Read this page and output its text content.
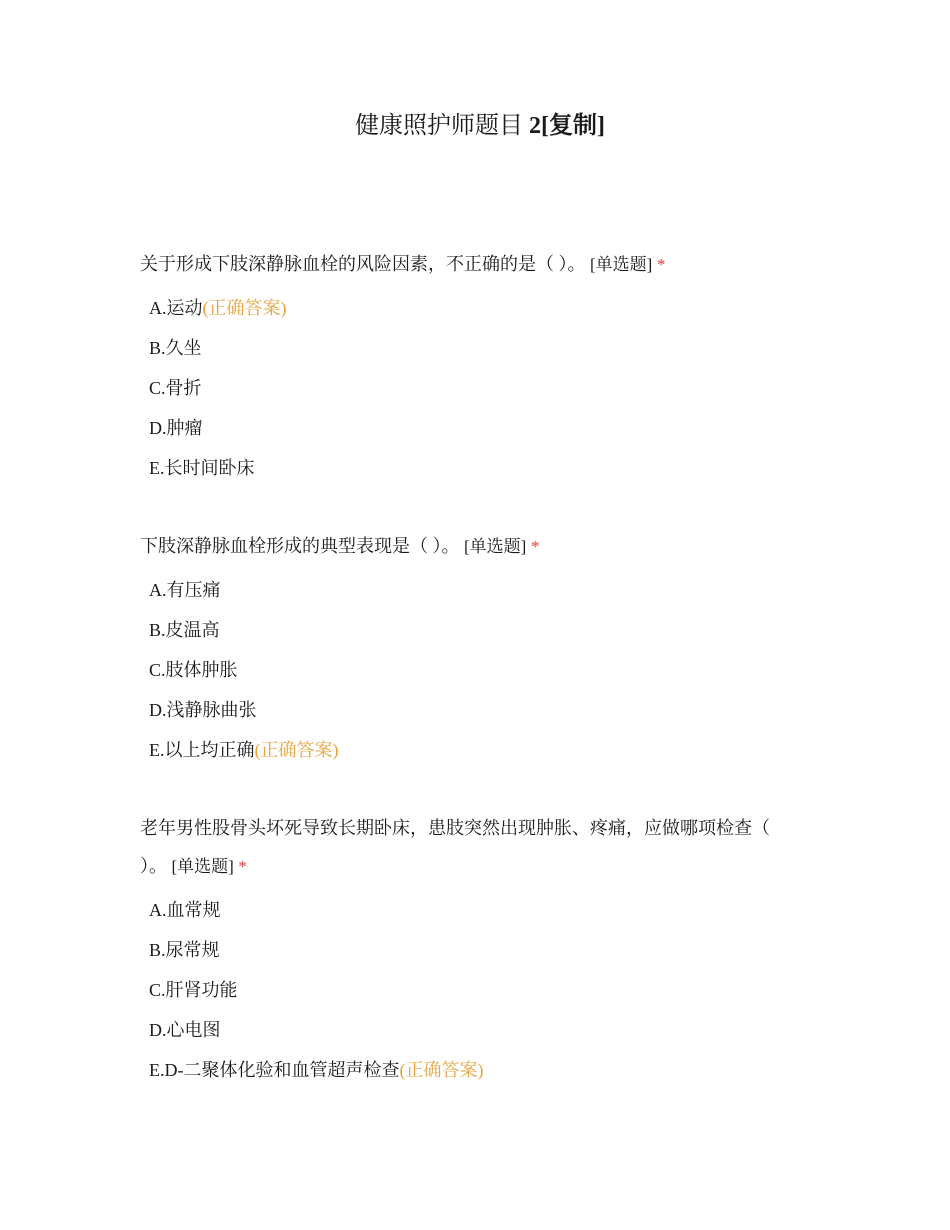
健康照护师题目 2[复制]
关于形成下肢深静脉血栓的风险因素，不正确的是（ ）。 [单选题] *
A.运动(正确答案)
B.久坐
C.骨折
D.肿瘤
E.长时间卧床
下肢深静脉血栓形成的典型表现是（ ）。 [单选题] *
A.有压痛
B.皮温高
C.肢体肿胀
D.浅静脉曲张
E.以上均正确(正确答案)
老年男性股骨头坏死导致长期卧床，患肢突然出现肿胀、疼痛，应做哪项检查（ ）。 [单选题] *
A.血常规
B.尿常规
C.肝肾功能
D.心电图
E.D-二聚体化验和血管超声检查(正确答案)
